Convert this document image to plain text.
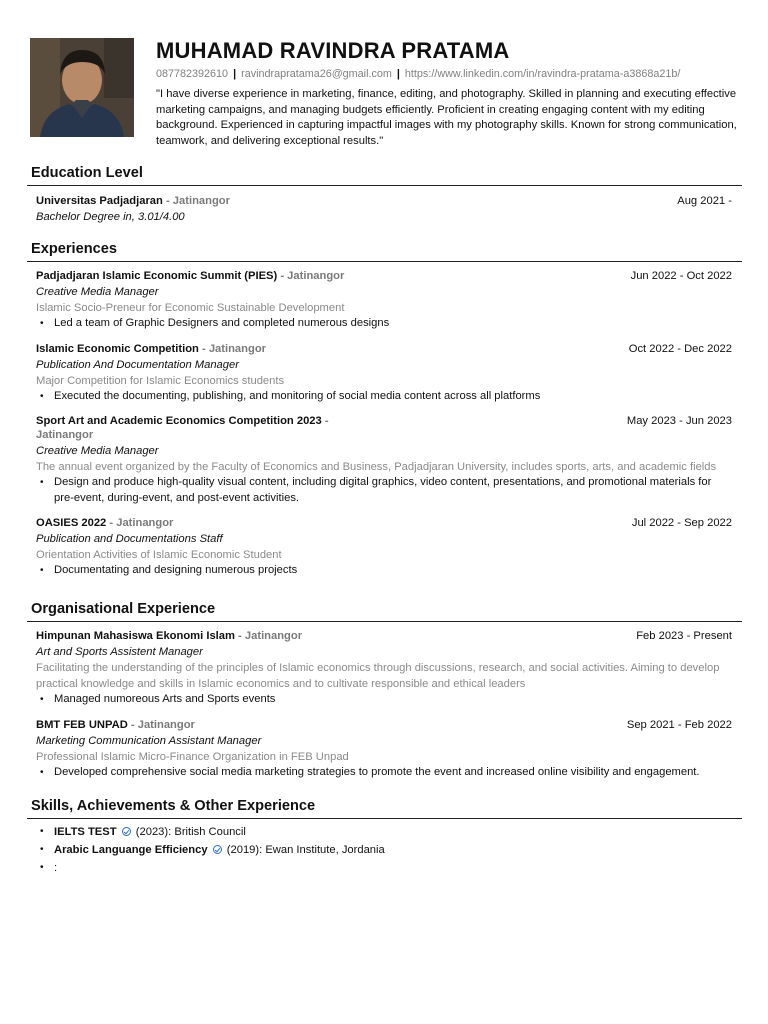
MUHAMAD RAVINDRA PRATAMA
087782392610 | ravindrapratama26@gmail.com | https://www.linkedin.com/in/ravindra-pratama-a3868a21b/
"I have diverse experience in marketing, finance, editing, and photography. Skilled in planning and executing effective marketing campaigns, and managing budgets efficiently. Proficient in creating engaging content with my editing background. Experienced in capturing impactful images with my photography skills. Known for strong communication, teamwork, and delivering exceptional results."
Education Level
Universitas Padjadjaran - Jatinangor	Aug 2021 -
Bachelor Degree in, 3.01/4.00
Experiences
Padjadjaran Islamic Economic Summit (PIES) - Jatinangor	Jun 2022 - Oct 2022
Creative Media Manager
Islamic Socio-Preneur for Economic Sustainable Development
• Led a team of Graphic Designers and completed numerous designs
Islamic Economic Competition - Jatinangor	Oct 2022 - Dec 2022
Publication And Documentation Manager
Major Competition for Islamic Economics students
• Executed the documenting, publishing, and monitoring of social media content across all platforms
Sport Art and Academic Economics Competition 2023 -
Jatinangor
May 2023 - Jun 2023
Creative Media Manager
The annual event organized by the Faculty of Economics and Business, Padjadjaran University, includes sports, arts, and academic fields
• Design and produce high-quality visual content, including digital graphics, video content, presentations, and promotional materials for pre-event, during-event, and post-event activities.
OASIES 2022 - Jatinangor	Jul 2022 - Sep 2022
Publication and Documentations Staff
Orientation Activities of Islamic Economic Student
• Documentating and designing numerous projects
Organisational Experience
Himpunan Mahasiswa Ekonomi Islam - Jatinangor	Feb 2023 - Present
Art and Sports Assistent Manager
Facilitating the understanding of the principles of Islamic economics through discussions, research, and social activities. Aiming to develop practical knowledge and skills in Islamic economics and to cultivate responsible and ethical leaders
• Managed numoreous Arts and Sports events
BMT FEB UNPAD - Jatinangor	Sep 2021 - Feb 2022
Marketing Communication Assistant Manager
Professional Islamic Micro-Finance Organization in FEB Unpad
• Developed comprehensive social media marketing strategies to promote the event and increased online visibility and engagement.
Skills, Achievements & Other Experience
• IELTS TEST  (2023): British Council
• Arabic Languange Efficiency  (2019): Ewan Institute, Jordania
• :
